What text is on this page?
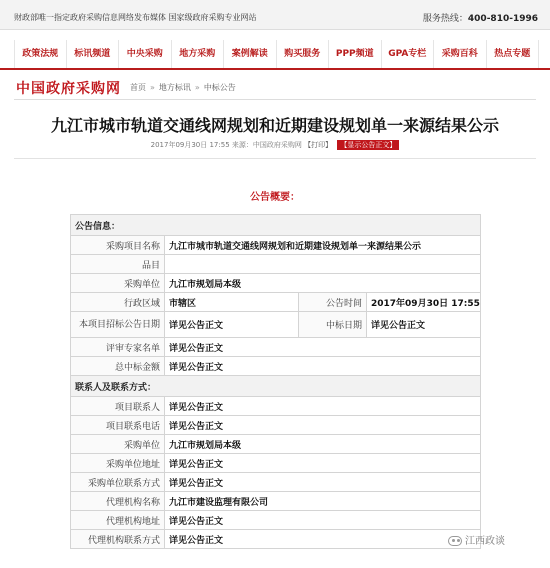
财政部唯一指定政府采购信息网络发布媒体 国家级政府采购专业网站	服务热线：400-810-1996
政策法规	标讯频道	中央采购	地方采购	案例解读	购买服务	PPP频道	GPA专栏	采购百科	热点专题
中国政府采购网 首页 » 地方标讯 » 中标公告
九江市城市轨道交通线网规划和近期建设规划单一来源结果公示
2017年09月30日 17:55 来源：中国政府采购网 【打印】 【显示公告正文】
公告概要：
公告信息：			
采购项目名称	九江市城市轨道交通线网规划和近期建设规划单一来源结果公示		
品目			
采购单位	九江市规划局本级		
行政区域	市辖区	公告时间	2017年09月30日 17:55
本项目招标公告日期	详见公告正文	中标日期	详见公告正文
评审专家名单	详见公告正文		
总中标金额	详见公告正文		
联系人及联系方式：			
项目联系人	详见公告正文		
项目联系电话	详见公告正文		
采购单位	九江市规划局本级		
采购单位地址	详见公告正文		
采购单位联系方式	详见公告正文		
代理机构名称	九江市建设监理有限公司		
代理机构地址	详见公告正文		
代理机构联系方式	详见公告正文			江西政谈
